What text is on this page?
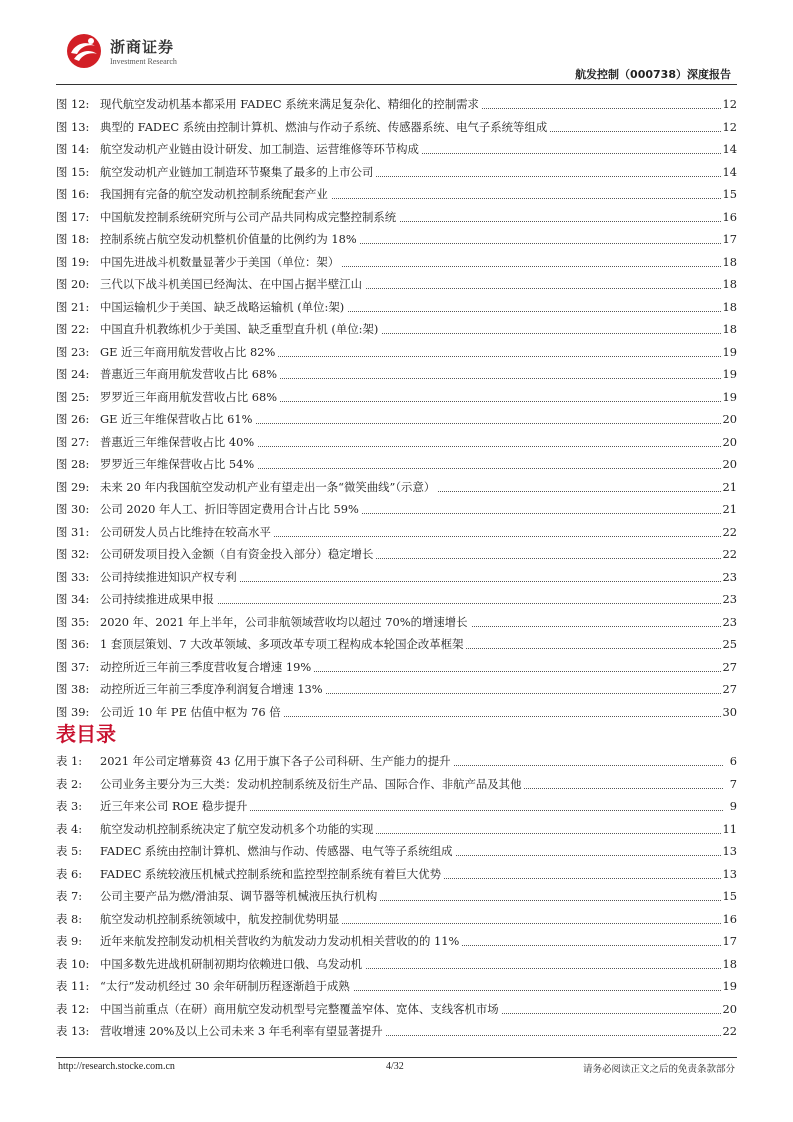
浙商证券
Investment Research
航发控制（000738）深度报告
图 12: 现代航空发动机基本都采用 FADEC 系统来满足复杂化、精细化的控制需求	12
图 13: 典型的 FADEC 系统由控制计算机、燃油与作动子系统、传感器系统、电气子系统等组成	12
图 14: 航空发动机产业链由设计研发、加工制造、运营维修等环节构成	14
图 15: 航空发动机产业链加工制造环节聚集了最多的上市公司	14
图 16: 我国拥有完备的航空发动机控制系统配套产业	15
图 17: 中国航发控制系统研究所与公司产品共同构成完整控制系统	16
图 18: 控制系统占航空发动机整机价值量的比例约为 18%	17
图 19: 中国先进战斗机数量显著少于美国（单位：架）	18
图 20: 三代以下战斗机美国已经淘汰、在中国占据半壁江山	18
图 21: 中国运输机少于美国、缺乏战略运输机 (单位:架)	18
图 22: 中国直升机教练机少于美国、缺乏重型直升机 (单位:架)	18
图 23: GE 近三年商用航发营收占比 82%	19
图 24: 普惠近三年商用航发营收占比 68%	19
图 25: 罗罗近三年商用航发营收占比 68%	19
图 26: GE 近三年维保营收占比 61%	20
图 27: 普惠近三年维保营收占比 40%	20
图 28: 罗罗近三年维保营收占比 54%	20
图 29: 未来 20 年内我国航空发动机产业有望走出一条“微笑曲线”（示意）	21
图 30: 公司 2020 年人工、折旧等固定费用合计占比 59%	21
图 31: 公司研发人员占比维持在较高水平	22
图 32: 公司研发项目投入金额（自有资金投入部分）稳定增长	22
图 33: 公司持续推进知识产权专利	23
图 34: 公司持续推进成果申报	23
图 35: 2020 年、2021 年上半年，公司非航领域营收均以超过 70%的增速增长	23
图 36: 1 套顶层策划、7 大改革领域、多项改革专项工程构成本轮国企改革框架	25
图 37: 动控所近三年前三季度营收复合增速 19%	27
图 38: 动控所近三年前三季度净利润复合增速 13%	27
图 39: 公司近 10 年 PE 估值中枢为 76 倍	30
表目录
表 1: 2021 年公司定增募资 43 亿用于旗下各子公司科研、生产能力的提升	6
表 2: 公司业务主要分为三大类：发动机控制系统及衍生产品、国际合作、非航产品及其他	7
表 3: 近三年来公司 ROE 稳步提升	9
表 4: 航空发动机控制系统决定了航空发动机多个功能的实现	11
表 5: FADEC 系统由控制计算机、燃油与作动、传感器、电气等子系统组成	13
表 6: FADEC 系统较液压机械式控制系统和监控型控制系统有着巨大优势	13
表 7: 公司主要产品为燃/滑油泵、调节器等机械液压执行机构	15
表 8: 航空发动机控制系统领域中，航发控制优势明显	16
表 9: 近年来航发控制发动机相关营收约为航发动力发动机相关营收的的 11%	17
表 10: 中国多数先进战机研制初期均依赖进口俄、乌发动机	18
表 11: “太行”发动机经过 30 余年研制历程逐渐趋于成熟	19
表 12: 中国当前重点（在研）商用航空发动机型号完整覆盖窄体、宽体、支线客机市场	20
表 13: 营收增速 20%及以上公司未来 3 年毛利率有望显著提升	22
http://research.stocke.com.cn	4/32	请务必阅读正文之后的免责条款部分
